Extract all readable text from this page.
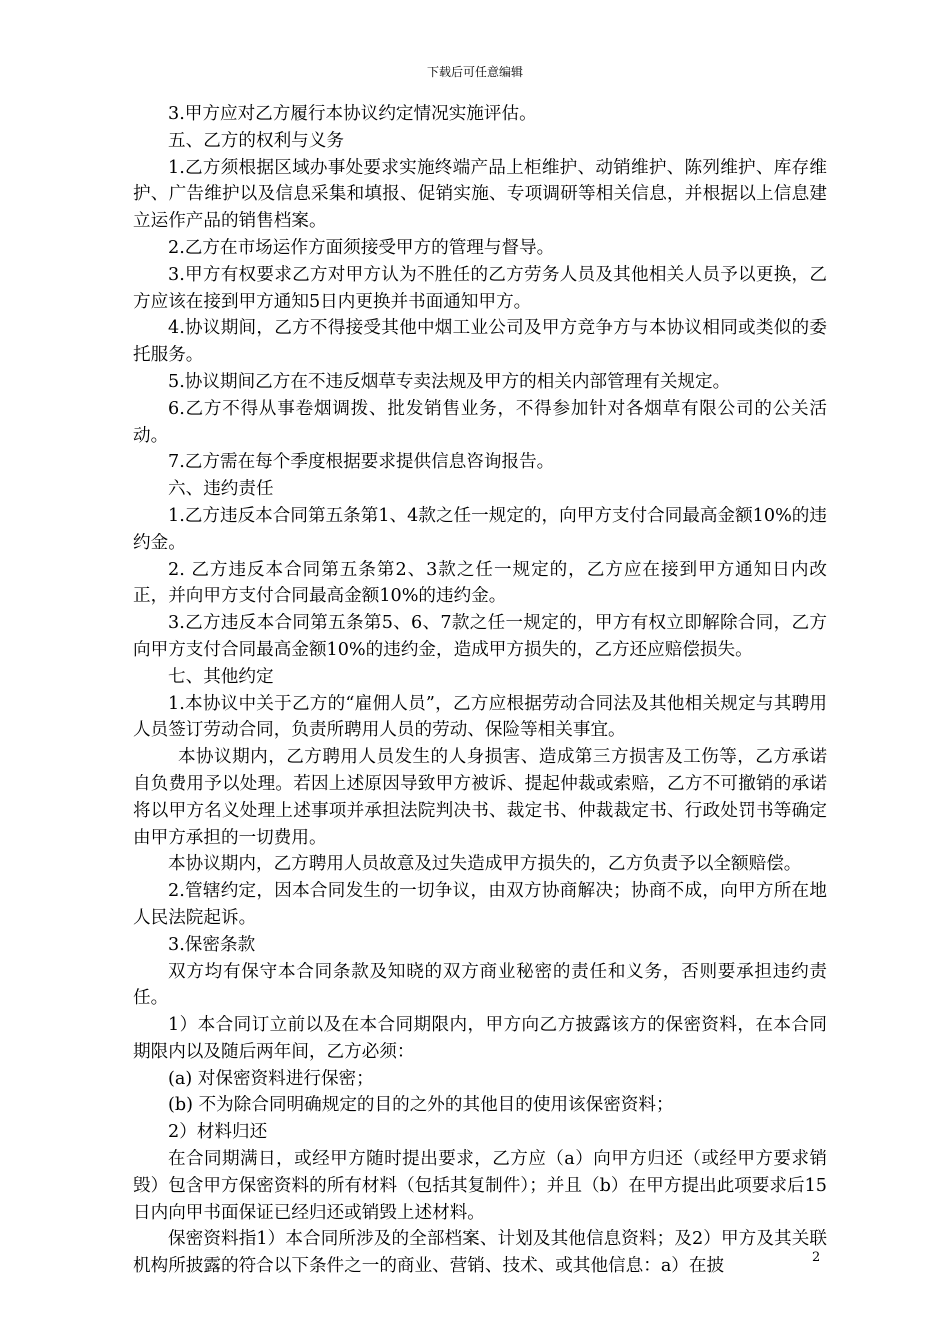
下载后可任意编辑

3.甲方应对乙方履行本协议约定情况实施评估。

五、乙方的权利与义务

1.乙方须根据区域办事处要求实施终端产品上柜维护、动销维护、陈列维护、库存维护、广告维护以及信息采集和填报、促销实施、专项调研等相关信息，并根据以上信息建立运作产品的销售档案。

2.乙方在市场运作方面须接受甲方的管理与督导。

3.甲方有权要求乙方对甲方认为不胜任的乙方劳务人员及其他相关人员予以更换，乙方应该在接到甲方通知5日内更换并书面通知甲方。

4.协议期间，乙方不得接受其他中烟工业公司及甲方竞争方与本协议相同或类似的委托服务。

5.协议期间乙方在不违反烟草专卖法规及甲方的相关内部管理有关规定。

6.乙方不得从事卷烟调拨、批发销售业务，不得参加针对各烟草有限公司的公关活动。

7.乙方需在每个季度根据要求提供信息咨询报告。

六、违约责任

1.乙方违反本合同第五条第1、4款之任一规定的，向甲方支付合同最高金额10%的违约金。

2. 乙方违反本合同第五条第2、3款之任一规定的，乙方应在接到甲方通知日内改正，并向甲方支付合同最高金额10%的违约金。

3.乙方违反本合同第五条第5、6、7款之任一规定的，甲方有权立即解除合同，乙方向甲方支付合同最高金额10%的违约金，造成甲方损失的，乙方还应赔偿损失。

七、其他约定

1.本协议中关于乙方的“雇佣人员”，乙方应根据劳动合同法及其他相关规定与其聘用人员签订劳动合同，负责所聘用人员的劳动、保险等相关事宜。

本协议期内，乙方聘用人员发生的人身损害、造成第三方损害及工伤等，乙方承诺自负费用予以处理。若因上述原因导致甲方被诉、提起仲裁或索赔，乙方不可撤销的承诺将以甲方名义处理上述事项并承担法院判决书、裁定书、仲裁裁定书、行政处罚书等确定由甲方承担的一切费用。

本协议期内，乙方聘用人员故意及过失造成甲方损失的，乙方负责予以全额赔偿。

2.管辖约定，因本合同发生的一切争议，由双方协商解决；协商不成，向甲方所在地人民法院起诉。

3.保密条款

双方均有保守本合同条款及知晓的双方商业秘密的责任和义务，否则要承担违约责任。

1）本合同订立前以及在本合同期限内，甲方向乙方披露该方的保密资料，在本合同期限内以及随后两年间，乙方必须：

(a) 对保密资料进行保密；

(b) 不为除合同明确规定的目的之外的其他目的使用该保密资料；

2）材料归还

在合同期满日，或经甲方随时提出要求，乙方应（a）向甲方归还（或经甲方要求销毁）包含甲方保密资料的所有材料（包括其复制件）；并且（b）在甲方提出此项要求后15日内向甲书面保证已经归还或销毁上述材料。

保密资料指1）本合同所涉及的全部档案、计划及其他信息资料；及2）甲方及其关联机构所披露的符合以下条件之一的商业、营销、技术、或其他信息：a）在披	2
